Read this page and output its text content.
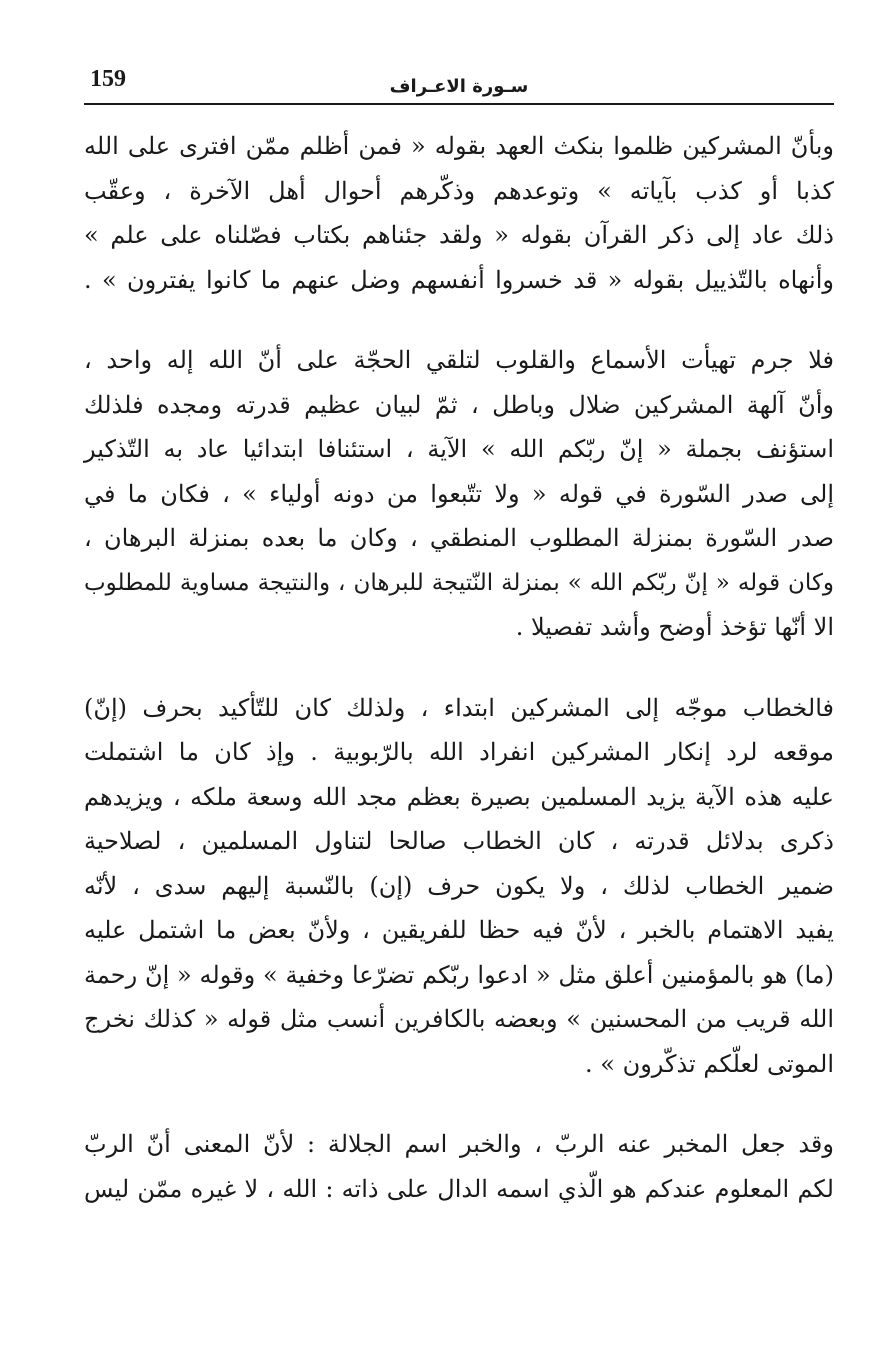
159	سـورة الاعـراف
وبأنّ المشركين ظلموا بنكث العهد بقوله « فمن أظلم ممّن افترى على الله
كذبا أو كذب بآياته » وتوعدهم وذكّرهم أحوال أهل الآخرة ، وعقّب
ذلك عاد إلى ذكر القرآن بقوله « ولقد جئناهم بكتاب فصّلناه على علم »
وأنهاه بالتّذييل بقوله « قد خسروا أنفسهم وضل عنهم ما كانوا يفترون » .
فلا جرم تهيأت الأسماع والقلوب لتلقي الحجّة على أنّ الله إله واحد ،
وأنّ آلهة المشركين ضلال وباطل ، ثمّ لبيان عظيم قدرته ومجده فلذلك
استؤنف بجملة « إنّ ربّكم الله » الآية ، استئنافا ابتدائيا عاد به التّذكير
إلى صدر السّورة في قوله « ولا تتّبعوا من دونه أولياء » ، فكان ما في
صدر السّورة بمنزلة المطلوب المنطقي ، وكان ما بعده بمنزلة البرهان ،
وكان قوله « إنّ ربّكم الله » بمنزلة النّتيجة للبرهان ، والنتيجة مساوية للمطلوب
الا أنّها تؤخذ أوضح وأشد تفصيلا .
فالخطاب موجّه إلى المشركين ابتداء ، ولذلك كان للتّأكيد بحرف (إنّ)
موقعه لرد إنكار المشركين انفراد الله بالرّبوبية . وإذ كان ما اشتملت
عليه هذه الآية يزيد المسلمين بصيرة بعظم مجد الله وسعة ملكه ، ويزيدهم
ذكرى بدلائل قدرته ، كان الخطاب صالحا لتناول المسلمين ، لصلاحية
ضمير الخطاب لذلك ، ولا يكون حرف (إن) بالنّسبة إليهم سدى ، لأنّه
يفيد الاهتمام بالخبر ، لأنّ فيه حظا للفريقين ، ولأنّ بعض ما اشتمل عليه
(ما) هو بالمؤمنين أعلق مثل « ادعوا ربّكم تضرّعا وخفية » وقوله « إنّ رحمة
الله قريب من المحسنين » وبعضه بالكافرين أنسب مثل قوله « كذلك نخرج
الموتى لعلّكم تذكّرون » .
وقد جعل المخبر عنه الربّ ، والخبر اسم الجلالة : لأنّ المعنى أنّ الربّ
لكم المعلوم عندكم هو الّذي اسمه الدال على ذاته : الله ، لا غيره ممّن ليس
